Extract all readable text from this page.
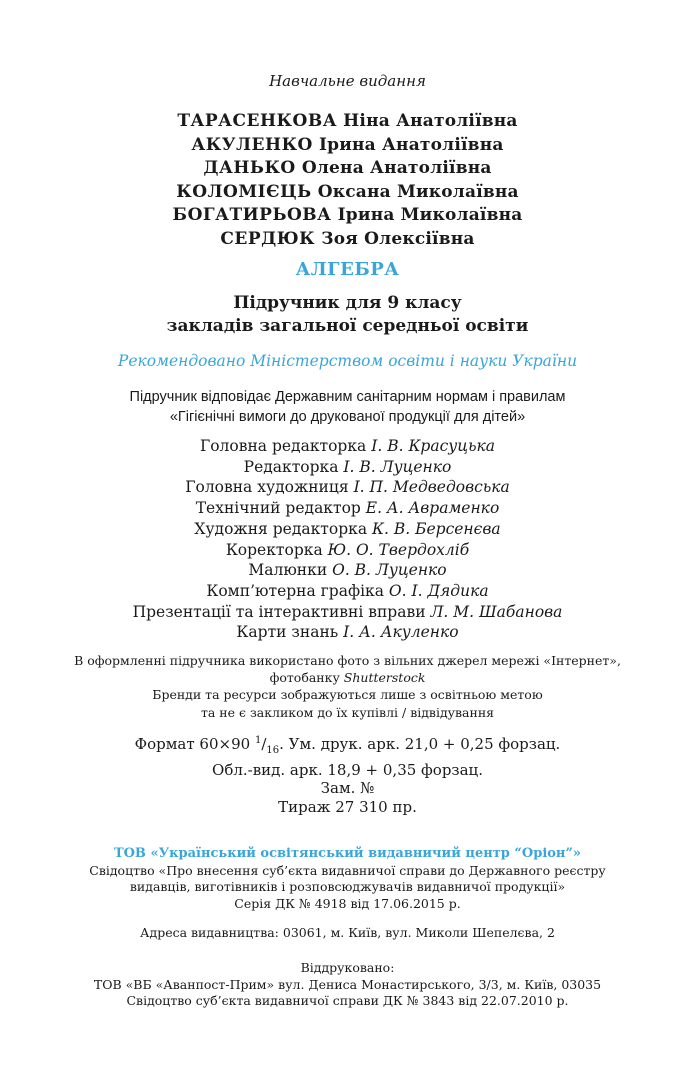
Навчальне видання
ТАРАСЕНКОВА Ніна Анатоліївна
АКУЛЕНКО Ірина Анатоліївна
ДАНЬКО Олена Анатоліївна
КОЛОМІЄЦЬ Оксана Миколаївна
БОГАТИРЬОВА Ірина Миколаївна
СЕРДЮК Зоя Олексіївна
АЛГЕБРА
Підручник для 9 класу
закладів загальної середньої освіти
Рекомендовано Міністерством освіти і науки України
Підручник відповідає Державним санітарним нормам і правилам
«Гігієнічні вимоги до друкованої продукції для дітей»
Головна редакторка І. В. Красуцька
Редакторка І. В. Луценко
Головна художниця І. П. Медведовська
Технічний редактор Е. А. Авраменко
Художня редакторка К. В. Берсенєва
Коректорка Ю. О. Твердохліб
Малюнки О. В. Луценко
Комп’ютерна графіка О. І. Дядика
Презентації та інтерактивні вправи Л. М. Шабанова
Карти знань І. А. Акуленко
В оформленні підручника використано фото з вільних джерел мережі «Інтернет»,
фотобанку Shutterstock
Бренди та ресурси зображуються лише з освітньою метою
та не є закликом до їх купівлі / відвідування
Формат 60×90 $^1/_{16}$. Ум. друк. арк. 21,0 + 0,25 форзац.
Обл.-вид. арк. 18,9 + 0,35 форзац.
Зам. №
Тираж 27 310 пр.
ТОВ «Український освітянський видавничий центр “Оріон”»
Свідоцтво «Про внесення суб’єкта видавничої справи до Державного реєстру
видавців, виготівників і розповсюджувачів видавничої продукції»
Серія ДК № 4918 від 17.06.2015 р.
Адреса видавництва: 03061, м. Київ, вул. Миколи Шепелєва, 2
Віддруковано:
ТОВ «ВБ «Аванпост-Прим» вул. Дениса Монастирського, 3/3, м. Київ, 03035
Свідоцтво суб’єкта видавничої справи ДК № 3843 від 22.07.2010 р.
